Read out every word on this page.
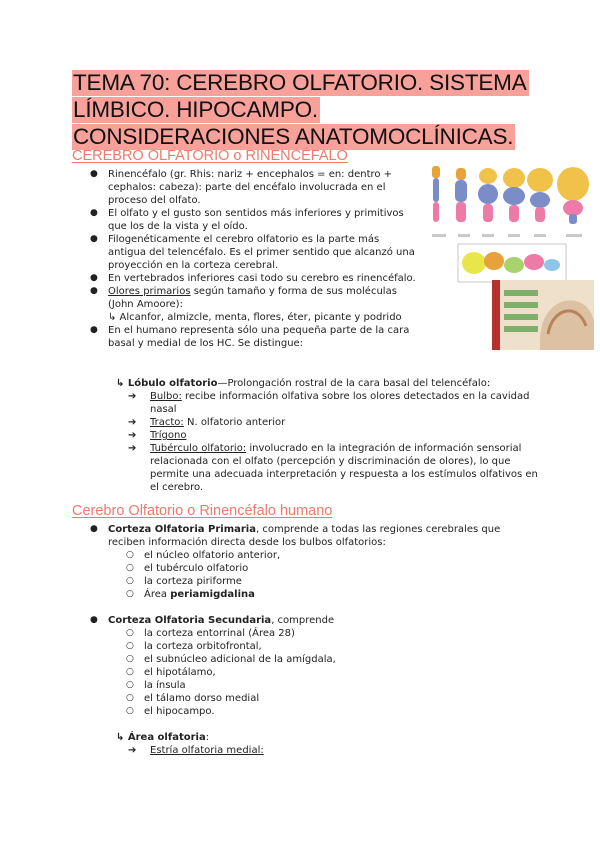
TEMA 70: CEREBRO OLFATORIO. SISTEMA
LÍMBICO. HIPOCAMPO.
CONSIDERACIONES ANATOMOCLÍNICAS.
CEREBRO OLFATORIO o RINENCÉFALO
● Rinencéfalo (gr. Rhis: nariz + encephalos = en: dentro + cephalos: cabeza): parte del encéfalo involucrada en el proceso del olfato.
● El olfato y el gusto son sentidos más inferiores y primitivos que los de la vista y el oído.
● Filogenéticamente el cerebro olfatorio es la parte más antigua del telencéfalo. Es el primer sentido que alcanzó una proyección en la corteza cerebral.
● En vertebrados inferiores casi todo su cerebro es rinencéfalo.
● Olores primarios según tamaño y forma de sus moléculas (John Amoore):
↳ Alcanfor, almizcle, menta, flores, éter, picante y podrido
● En el humano representa sólo una pequeña parte de la cara basal y medial de los HC. Se distingue:
↳ Lóbulo olfatorio—Prolongación rostral de la cara basal del telencéfalo:
➔ Bulbo: recibe información olfativa sobre los olores detectados en la cavidad nasal
➔ Tracto: N. olfatorio anterior
➔ Trígono
➔ Tubérculo olfatorio: involucrado en la integración de información sensorial relacionada con el olfato (percepción y discriminación de olores), lo que permite una adecuada interpretación y respuesta a los estímulos olfativos en el cerebro.
Cerebro Olfatorio o Rinencéfalo humano
● Corteza Olfatoria Primaria, comprende a todas las regiones cerebrales que reciben información directa desde los bulbos olfatorios:
○ el núcleo olfatorio anterior,
○ el tubérculo olfatorio
○ la corteza piriforme
○ Área periamigdalina
● Corteza Olfatoria Secundaria, comprende
○ la corteza entorrinal (Área 28)
○ la corteza orbitofrontal,
○ el subnúcleo adicional de la amígdala,
○ el hipotálamo,
○ la ínsula
○ el tálamo dorso medial
○ el hipocampo.
↳ Área olfatoria:
➔ Estría olfatoria medial:
